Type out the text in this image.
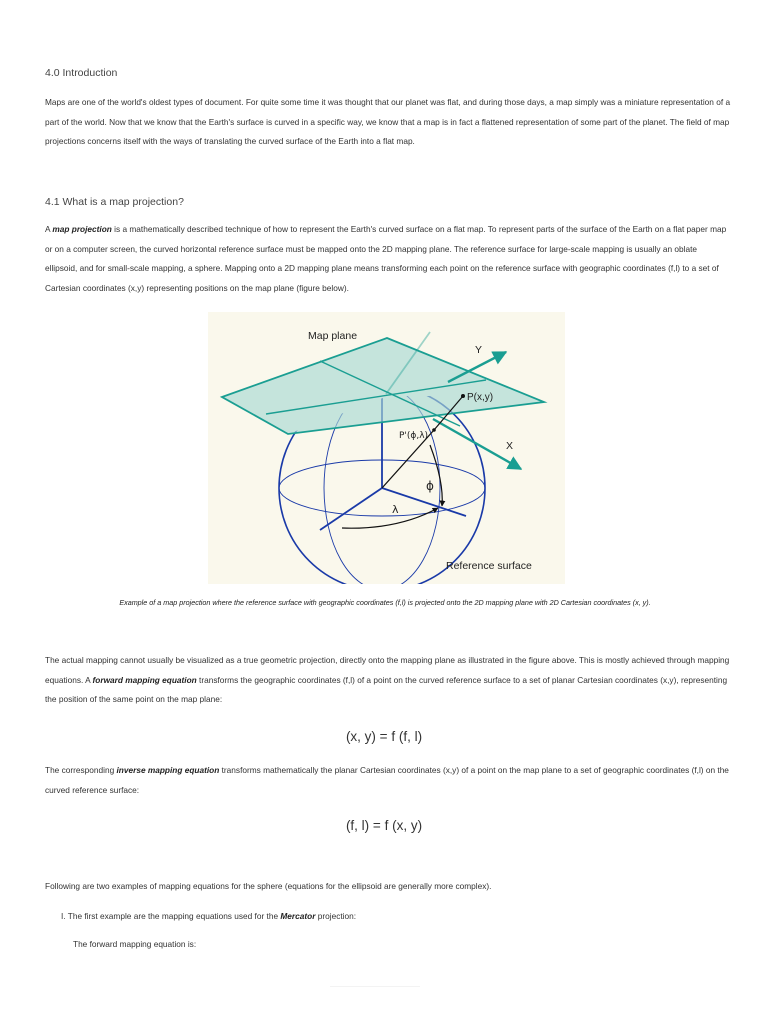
4.0 Introduction

Maps are one of the world's oldest types of document. For quite some time it was thought that our planet was flat, and during those days, a map simply was a miniature representation of a part of the world. Now that we know that the Earth's surface is curved in a specific way, we know that a map is in fact a flattened representation of some part of the planet. The field of map projections concerns itself with the ways of translating the curved surface of the Earth into a flat map.

4.1 What is a map projection?

A map projection is a mathematically described technique of how to represent the Earth's curved surface on a flat map. To represent parts of the surface of the Earth on a flat paper map or on a computer screen, the curved horizontal reference surface must be mapped onto the 2D mapping plane. The reference surface for large-scale mapping is usually an oblate ellipsoid, and for small-scale mapping, a sphere. Mapping onto a 2D mapping plane means transforming each point on the reference surface with geographic coordinates (f,l) to a set of Cartesian coordinates (x,y) representing positions on the map plane (figure below).

Map plane
Y
X
P(x,y)
P'(ϕ,λ)
ϕ
λ
Reference surface

Example of a map projection where the reference surface with geographic coordinates (f,l) is projected onto the 2D mapping plane with 2D Cartesian coordinates (x, y).

The actual mapping cannot usually be visualized as a true geometric projection, directly onto the mapping plane as illustrated in the figure above. This is mostly achieved through mapping equations. A forward mapping equation transforms the geographic coordinates (f,l) of a point on the curved reference surface to a set of planar Cartesian coordinates (x,y), representing the position of the same point on the map plane:

(x, y) = f (f, l)

The corresponding inverse mapping equation transforms mathematically the planar Cartesian coordinates (x,y) of a point on the map plane to a set of geographic coordinates (f,l) on the curved reference surface:

(f, l) = f (x, y)

Following are two examples of mapping equations for the sphere (equations for the ellipsoid are generally more complex).

I. The first example are the mapping equations used for the Mercator projection:

The forward mapping equation is:
